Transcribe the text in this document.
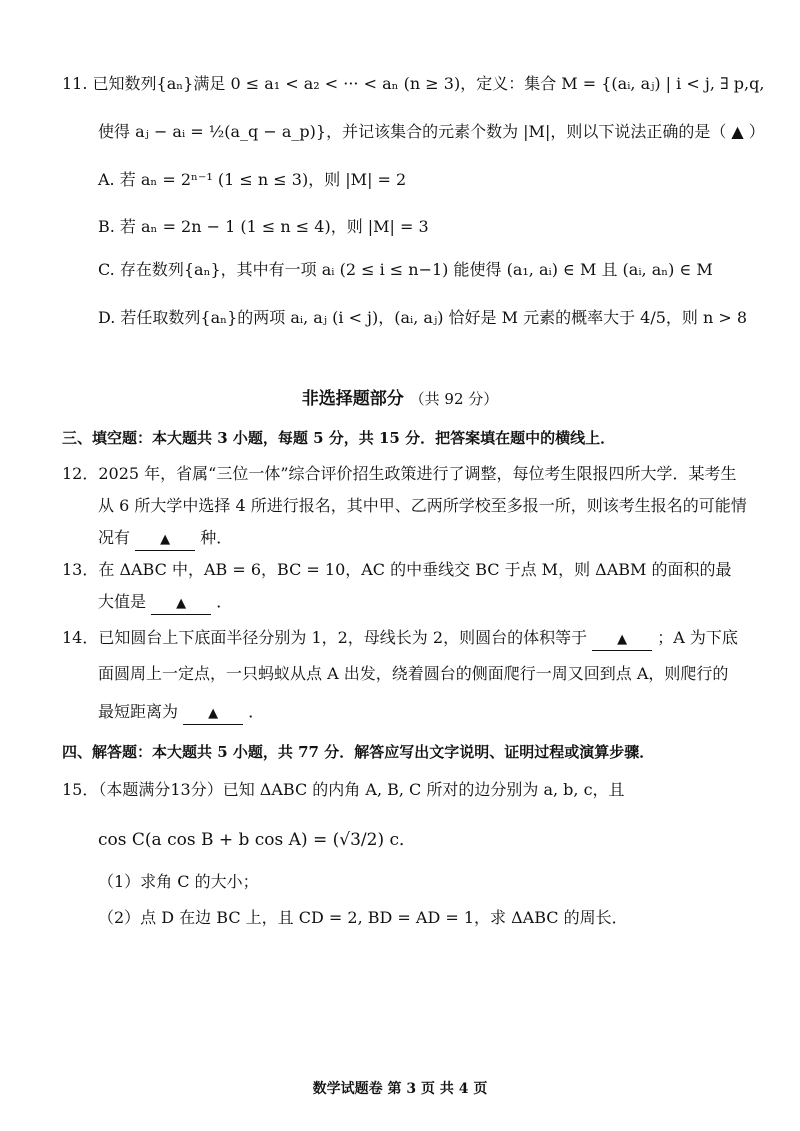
11. 已知数列{aₙ}满足 0 ≤ a₁ < a₂ < ··· < aₙ (n ≥ 3)，定义：集合 M = {(aᵢ, aⱼ) | i < j, ∃ p,q,
使得 aⱼ − aᵢ = ½(a_q − a_p)}，并记该集合的元素个数为 |M|，则以下说法正确的是（ ▲ ）
A. 若 aₙ = 2ⁿ⁻¹ (1 ≤ n ≤ 3)，则 |M| = 2
B. 若 aₙ = 2n − 1 (1 ≤ n ≤ 4)，则 |M| = 3
C. 存在数列{aₙ}，其中有一项 aᵢ (2 ≤ i ≤ n−1) 能使得 (a₁, aᵢ) ∈ M 且 (aᵢ, aₙ) ∈ M
D. 若任取数列{aₙ}的两项 aᵢ, aⱼ (i < j)，(aᵢ, aⱼ) 恰好是 M 元素的概率大于 4/5，则 n > 8
非选择题部分 （共 92 分）
三、填空题：本大题共 3 小题，每题 5 分，共 15 分．把答案填在题中的横线上．
12．2025 年，省属“三位一体”综合评价招生政策进行了调整，每位考生限报四所大学．某考生
从 6 所大学中选择 4 所进行报名，其中甲、乙两所学校至多报一所，则该考生报名的可能情
况有 ▲ 种．
13．在 ΔABC 中，AB = 6，BC = 10，AC 的中垂线交 BC 于点 M，则 ΔABM 的面积的最
大值是 ▲ ．
14．已知圆台上下底面半径分别为 1，2，母线长为 2，则圆台的体积等于 ▲ ；A 为下底
面圆周上一定点，一只蚂蚁从点 A 出发，绕着圆台的侧面爬行一周又回到点 A，则爬行的
最短距离为 ▲ ．
四、解答题：本大题共 5 小题，共 77 分．解答应写出文字说明、证明过程或演算步骤．
15．（本题满分13分）已知 ΔABC 的内角 A, B, C 所对的边分别为 a, b, c，且
cos C(a cos B + b cos A) = (√3/2) c．
（1）求角 C 的大小；
（2）点 D 在边 BC 上，且 CD = 2, BD = AD = 1，求 ΔABC 的周长．
数学试题卷 第 3 页 共 4 页
